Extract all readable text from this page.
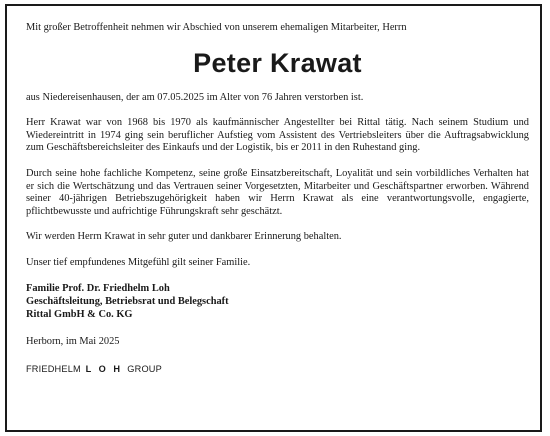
Mit großer Betroffenheit nehmen wir Abschied von unserem ehemaligen Mitarbeiter, Herrn

Peter Krawat

aus Niedereisenhausen, der am 07.05.2025 im Alter von 76 Jahren verstorben ist.

Herr Krawat war von 1968 bis 1970 als kaufmännischer Angestellter bei Rittal tätig. Nach seinem Studium und Wiedereintritt in 1974 ging sein beruflicher Aufstieg vom Assistent des Vertriebsleiters über die Auftragsabwicklung zum Geschäftsbereichsleiter des Einkaufs und der Logistik, bis er 2011 in den Ruhestand ging.

Durch seine hohe fachliche Kompetenz, seine große Einsatzbereitschaft, Loyalität und sein vorbildliches Verhalten hat er sich die Wertschätzung und das Vertrauen seiner Vorgesetzten, Mitarbeiter und Geschäftspartner erworben. Während seiner 40-jährigen Betriebszugehörigkeit haben wir Herrn Krawat als eine verantwortungsvolle, engagierte, pflichtbewusste und aufrichtige Führungskraft sehr geschätzt.

Wir werden Herrn Krawat in sehr guter und dankbarer Erinnerung behalten.

Unser tief empfundenes Mitgefühl gilt seiner Familie.

Familie Prof. Dr. Friedhelm Loh
Geschäftsleitung, Betriebsrat und Belegschaft
Rittal GmbH & Co. KG

Herborn, im Mai 2025

FRIEDHELM L O H GROUP
